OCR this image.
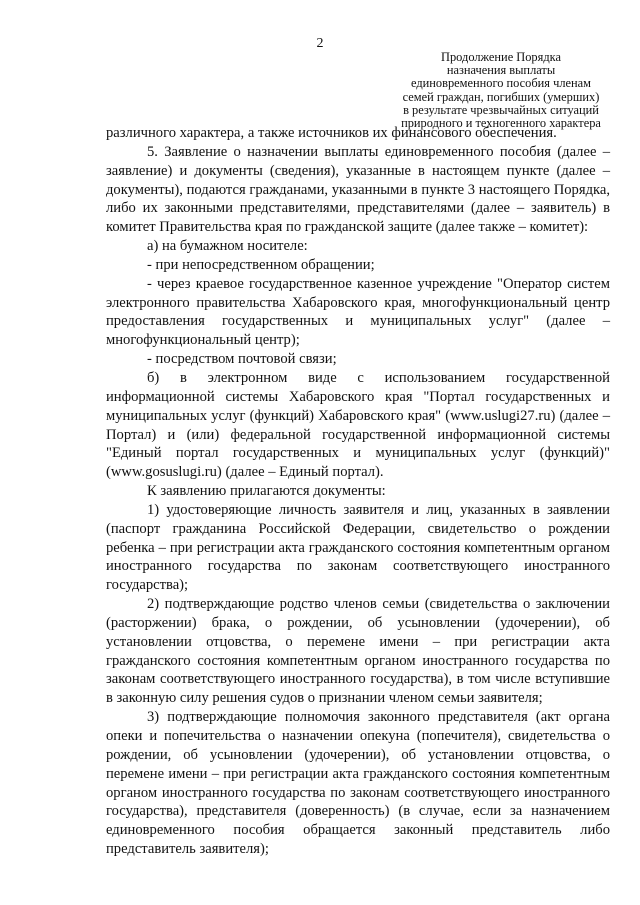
2
Продолжение Порядка
назначения выплаты
единовременного пособия членам
семей граждан, погибших (умерших)
в результате чрезвычайных ситуаций
природного и техногенного характера

различного характера, а также источников их финансового обеспечения.

5. Заявление о назначении выплаты единовременного пособия (далее – заявление) и документы (сведения), указанные в настоящем пункте (далее – документы), подаются гражданами, указанными в пункте 3 настоящего Порядка, либо их законными представителями, представителями (далее – заявитель) в комитет Правительства края по гражданской защите (далее также – комитет):

а) на бумажном носителе:

- при непосредственном обращении;

- через краевое государственное казенное учреждение "Оператор систем электронного правительства Хабаровского края, многофункциональный центр предоставления государственных и муниципальных услуг" (далее – многофункциональный центр);

- посредством почтовой связи;

б) в электронном виде с использованием государственной информационной системы Хабаровского края "Портал государственных и муниципальных услуг (функций) Хабаровского края" (www.uslugi27.ru) (далее – Портал) и (или) федеральной государственной информационной системы "Единый портал государственных и муниципальных услуг (функций)" (www.gosuslugi.ru) (далее – Единый портал).

К заявлению прилагаются документы:

1) удостоверяющие личность заявителя и лиц, указанных в заявлении (паспорт гражданина Российской Федерации, свидетельство о рождении ребенка – при регистрации акта гражданского состояния компетентным органом иностранного государства по законам соответствующего иностранного государства);

2) подтверждающие родство членов семьи (свидетельства о заключении (расторжении) брака, о рождении, об усыновлении (удочерении), об установлении отцовства, о перемене имени – при регистрации акта гражданского состояния компетентным органом иностранного государства по законам соответствующего иностранного государства), в том числе вступившие в законную силу решения судов о признании членом семьи заявителя;

3) подтверждающие полномочия законного представителя (акт органа опеки и попечительства о назначении опекуна (попечителя), свидетельства о рождении, об усыновлении (удочерении), об установлении отцовства, о перемене имени – при регистрации акта гражданского состояния компетентным органом иностранного государства по законам соответствующего иностранного государства), представителя (доверенность) (в случае, если за назначением единовременного пособия обращается законный представитель либо представитель заявителя);
